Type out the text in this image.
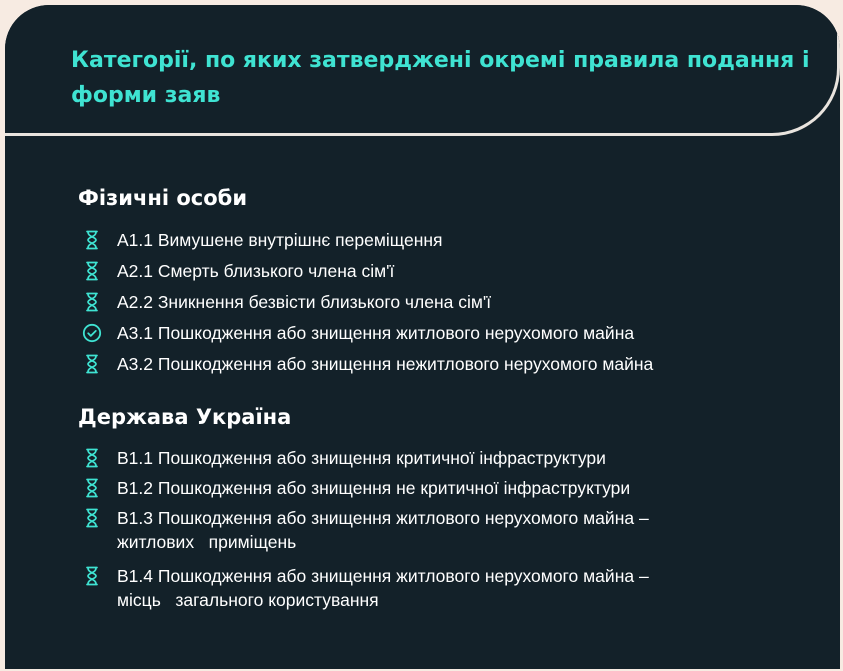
Категорії, по яких затверджені окремі правила подання і форми заяв
Фізичні особи
А1.1 Вимушене внутрішнє переміщення
А2.1 Смерть близького члена сім'ї
А2.2 Зникнення безвісти близького члена сім'ї
А3.1 Пошкодження або знищення житлового нерухомого майна
А3.2 Пошкодження або знищення нежитлового нерухомого майна
Держава Україна
В1.1 Пошкодження або знищення критичної інфраструктури
В1.2 Пошкодження або знищення не критичної інфраструктури
В1.3 Пошкодження або знищення житлового нерухомого майна –
житлових   приміщень
В1.4 Пошкодження або знищення житлового нерухомого майна –
місць   загального користування
